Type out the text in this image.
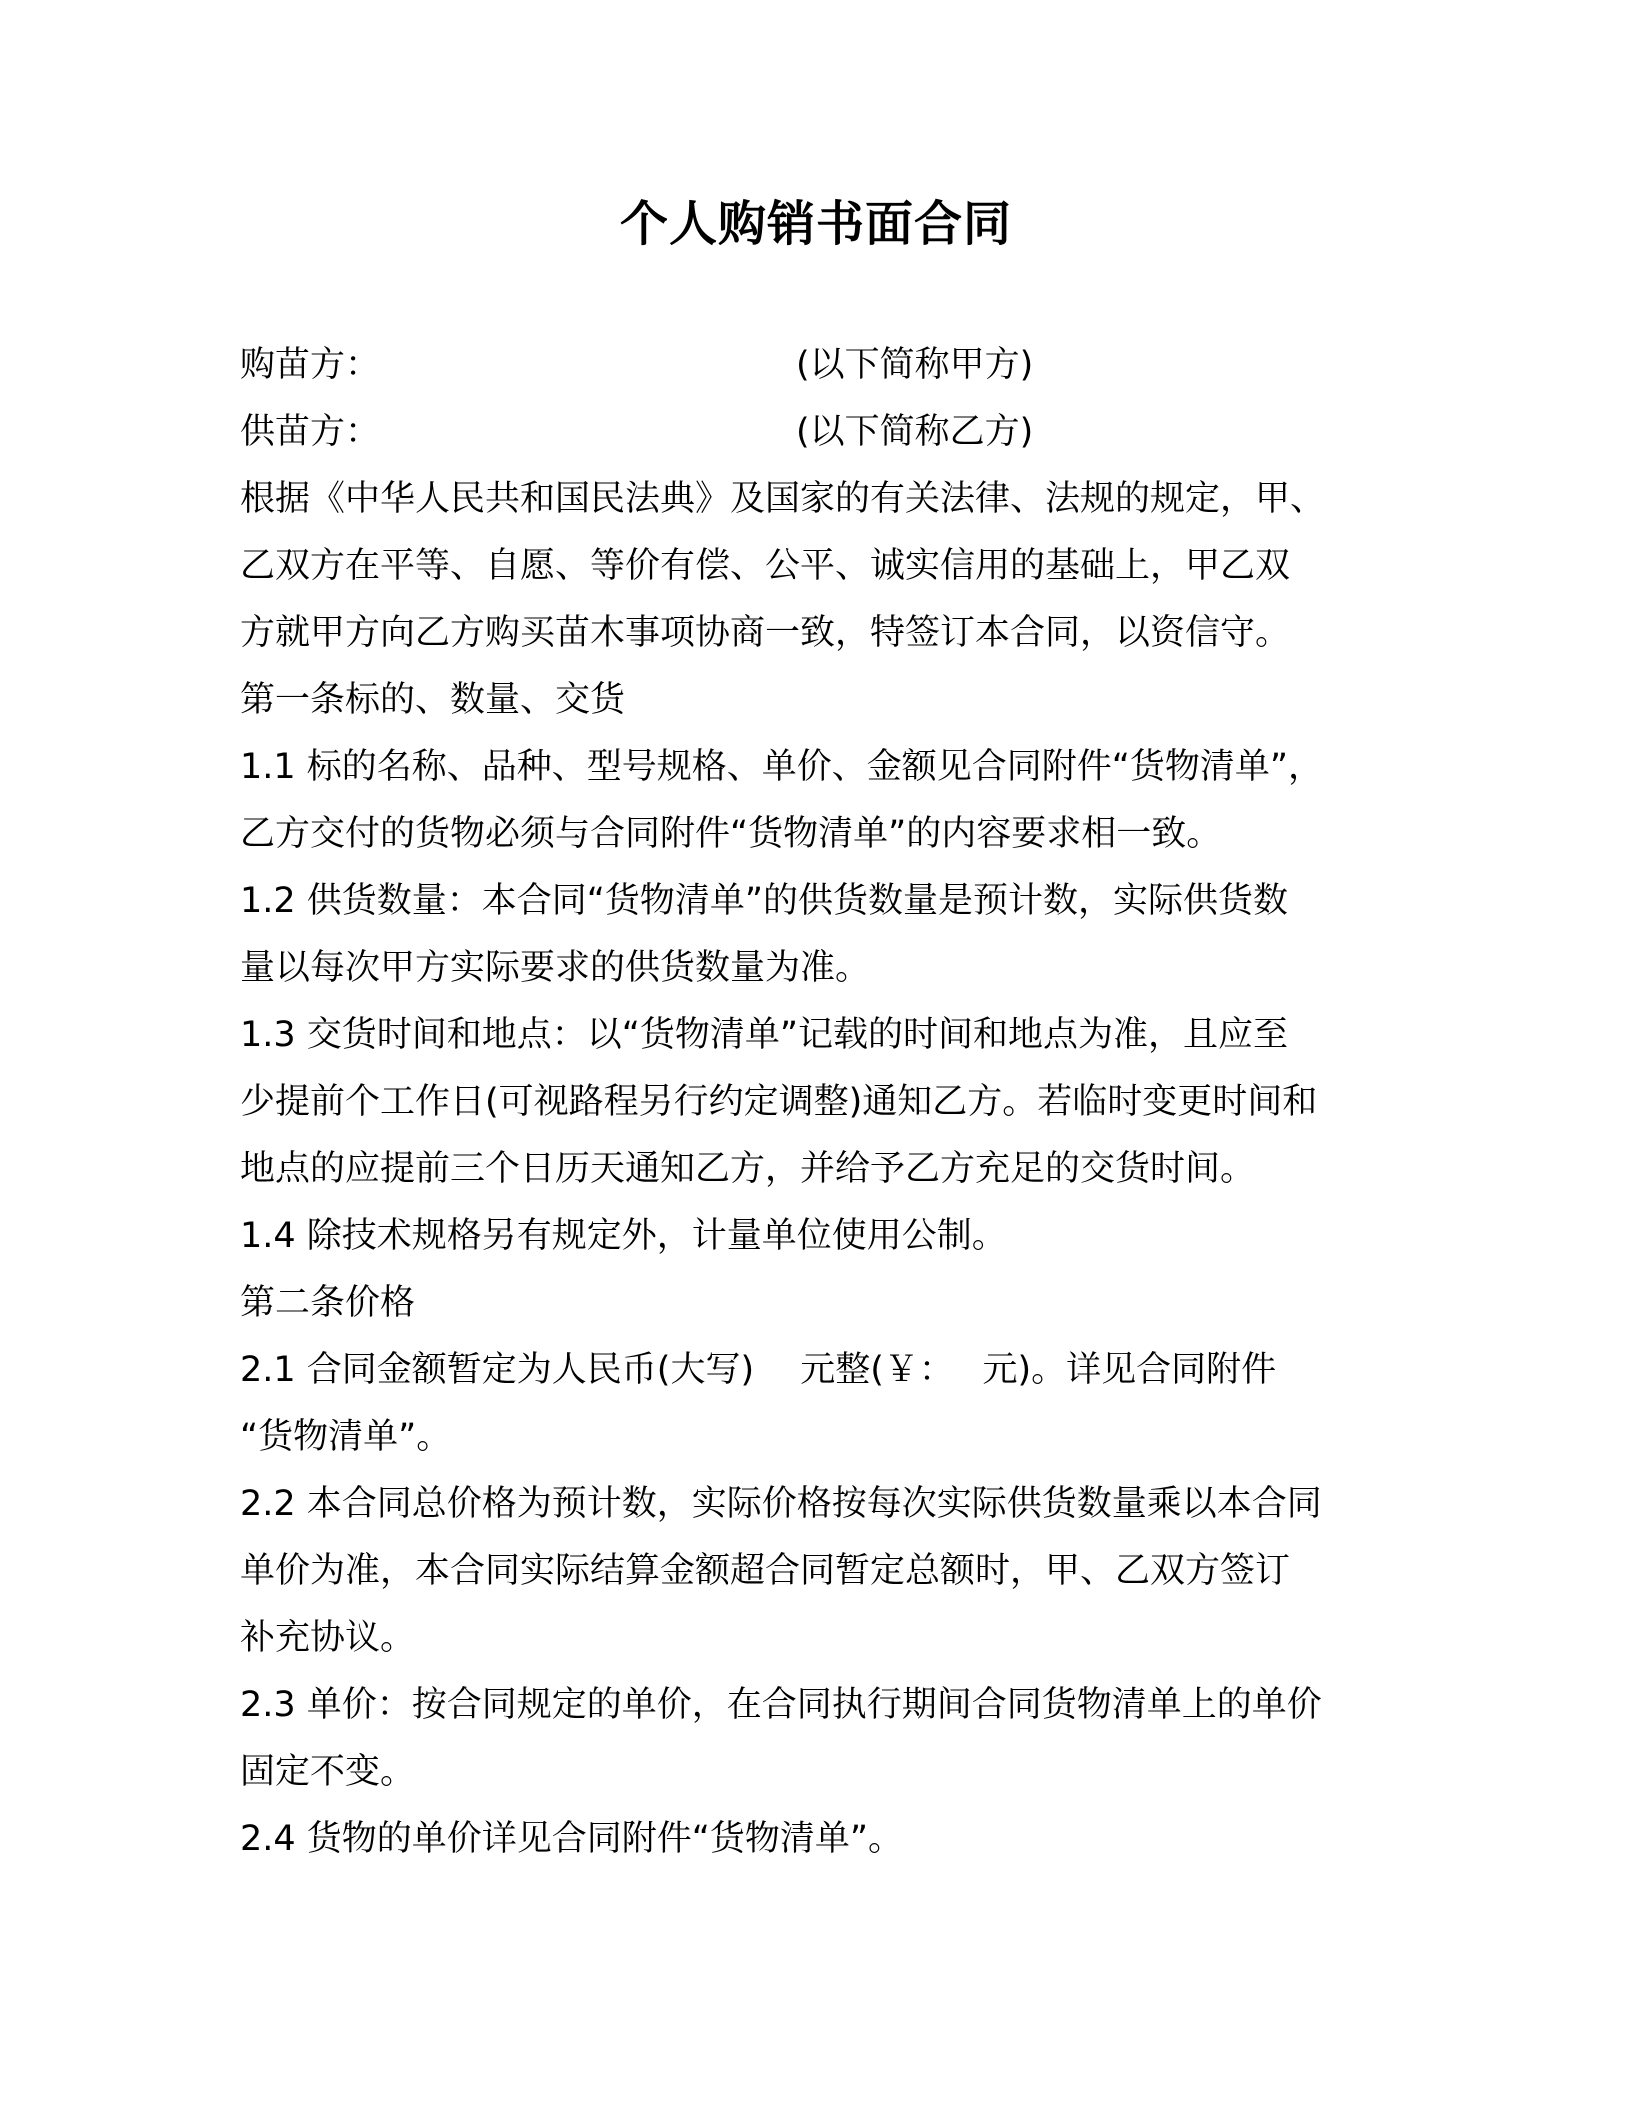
个人购销书面合同
购苗方：	(以下简称甲方)
供苗方：	(以下简称乙方)
根据《中华人民共和国民法典》及国家的有关法律、法规的规定，甲、
乙双方在平等、自愿、等价有偿、公平、诚实信用的基础上，甲乙双
方就甲方向乙方购买苗木事项协商一致，特签订本合同，以资信守。
第一条标的、数量、交货
1.1 标的名称、品种、型号规格、单价、金额见合同附件“货物清单”，
乙方交付的货物必须与合同附件“货物清单”的内容要求相一致。
1.2 供货数量：本合同“货物清单”的供货数量是预计数，实际供货数
量以每次甲方实际要求的供货数量为准。
1.3 交货时间和地点：以“货物清单”记载的时间和地点为准，且应至
少提前个工作日(可视路程另行约定调整)通知乙方。若临时变更时间和
地点的应提前三个日历天通知乙方，并给予乙方充足的交货时间。
1.4 除技术规格另有规定外，计量单位使用公制。
第二条价格
2.1 合同金额暂定为人民币(大写)　 元整(￥：　 元)。详见合同附件
“货物清单”。
2.2 本合同总价格为预计数，实际价格按每次实际供货数量乘以本合同
单价为准，本合同实际结算金额超合同暂定总额时，甲、乙双方签订
补充协议。
2.3 单价：按合同规定的单价，在合同执行期间合同货物清单上的单价
固定不变。
2.4 货物的单价详见合同附件“货物清单”。
